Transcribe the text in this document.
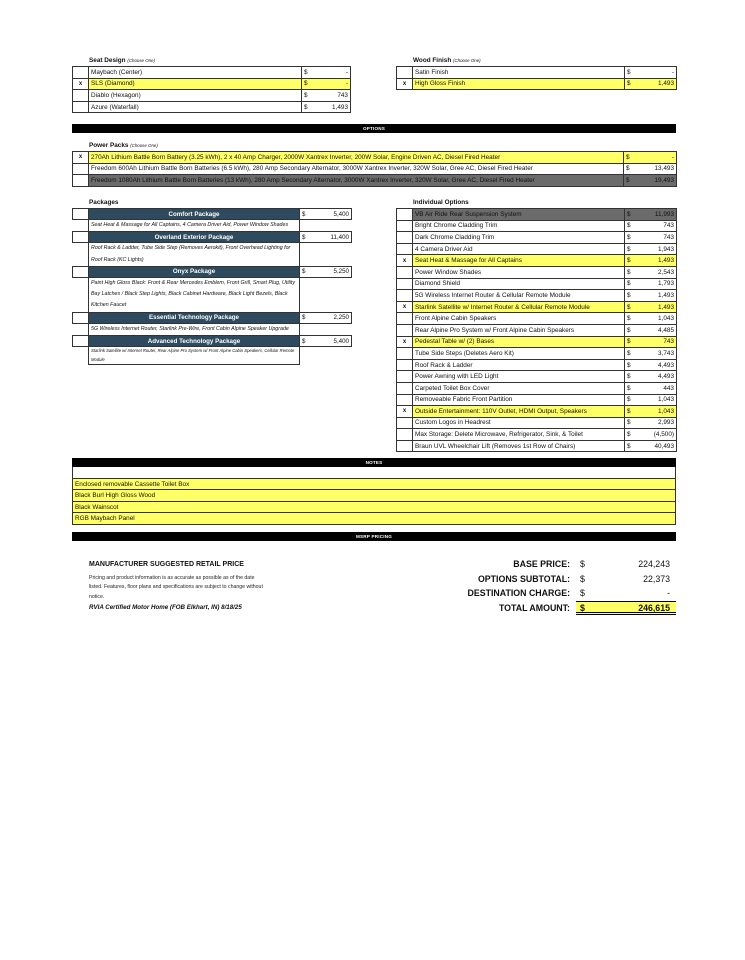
Seat Design (Choose One)
	Maybach (Center)	$	-
x	SLS (Diamond)	$	-
	Diablo (Hexagon)	$	743
	Azure (Waterfall)	$	1,493
Wood Finish (Choose One)
	Satin Finish	$	-
x	High Gloss Finish	$	1,493
OPTIONS
Power Packs (Choose One)
x	270Ah Lithium Battle Born Battery (3.25 kWh), 2 x 40 Amp Charger, 2000W Xantrex Inverter, 200W Solar, Engine Driven AC, Diesel Fired Heater	$	-
	Freedom 600Ah Lithium Battle Born Batteries (6.5 kWh), 280 Amp Secondary Alternator, 3000W Xantrex Inverter, 320W Solar, Gree AC, Diesel Fired Heater	$	13,493
	Freedom 1080Ah Lithium Battle Born Batteries (13 kWh), 280 Amp Secondary Alternator, 3000W Xantrex Inverter, 320W Solar, Gree AC, Diesel Fired Heater	$	19,493
Packages
	Comfort Package	$	5,400
	Seat Heat & Massage for All Captains, 4 Camera Driver Aid, Power Window Shades		
	Overland Exterior Package	$	11,400
	Roof Rack & Ladder, Tube Side Step (Removes Aerokit), Front Overhead Lighting for Roof Rack (KC Lights)		
	Onyx Package	$	5,250
	Paint High Gloss Black: Front & Rear Mercedes Emblem, Front Grill, Smart Plug, Utility Bay Latches / Black Step Lights, Black Cabinet Hardware, Black Light Bezels, Black Kitchen Faucet		
	Essential Technology Package	$	2,250
	5G Wireless Internet Router, Starlink Pre-Wire, Front Cabin Alpine Speaker Upgrade		
	Advanced Technology Package	$	5,400
	Starlink Satellite w/ Internet Router, Rear Alpine Pro System w/ Front Alpine Cabin Speakers, Cellular Remote Module		
Individual Options
	VB Air Ride Rear Suspension System	$	11,993
	Bright Chrome Cladding Trim	$	743
	Dark Chrome Cladding Trim	$	743
	4 Camera Driver Aid	$	1,943
x	Seat Heat & Massage for All Captains	$	1,493
	Power Window Shades	$	2,543
	Diamond Shield	$	1,793
	5G Wireless Internet Router & Cellular Remote Module	$	1,493
x	Starlink Satellite w/ Internet Router & Cellular Remote Module	$	1,493
	Front Alpine Cabin Speakers	$	1,043
	Rear Alpine Pro System w/ Front Alpine Cabin Speakers	$	4,485
x	Pedestal Table w/ (2) Bases	$	743
	Tube Side Steps (Deletes Aero Kit)	$	3,743
	Roof Rack & Ladder	$	4,493
	Power Awning with LED Light	$	4,493
	Carpeted Toilet Box Cover	$	443
	Removeable Fabric Front Partition	$	1,043
x	Outside Entertainment: 110V Outlet, HDMI Output, Speakers	$	1,043
	Custom Logos in Headrest	$	2,993
	Max Storage: Delete Microwave, Refrigerator, Sink, & Toilet	$	(4,500)
	Braun UVL Wheelchair Lift (Removes 1st Row of Chairs)	$	40,493
NOTES
Enclosed removable Cassette Toilet Box
Black Burl High Gloss Wood
Black Wainscot
RGB Maybach Panel
MSRP PRICING
MANUFACTURER SUGGESTED RETAIL PRICE
Pricing and product information is as accurate as possible as of the date
listed. Features, floor plans and specifications are subject to change without
notice.
RVIA Certified Motor Home (FOB Elkhart, IN) 8/18/25
BASE PRICE: $	224,243
OPTIONS SUBTOTAL: $	22,373
DESTINATION CHARGE: $	-
TOTAL AMOUNT: $	246,615
